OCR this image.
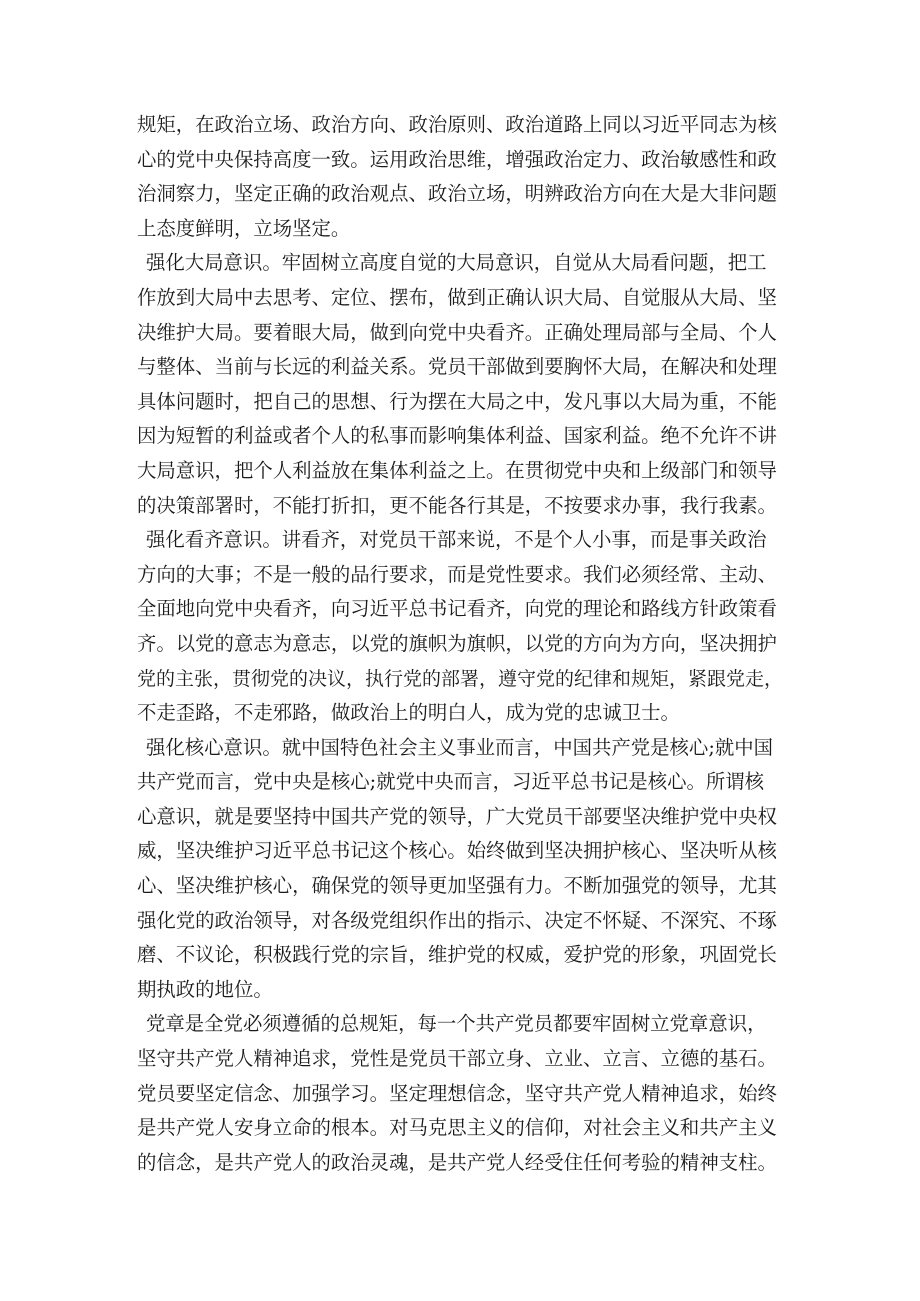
规矩，在政治立场、政治方向、政治原则、政治道路上同以习近平同志为核
心的党中央保持高度一致。运用政治思维，增强政治定力、政治敏感性和政
治洞察力，坚定正确的政治观点、政治立场，明辨政治方向在大是大非问题
上态度鲜明，立场坚定。
强化大局意识。牢固树立高度自觉的大局意识，自觉从大局看问题，把工
作放到大局中去思考、定位、摆布，做到正确认识大局、自觉服从大局、坚
决维护大局。要着眼大局，做到向党中央看齐。正确处理局部与全局、个人
与整体、当前与长远的利益关系。党员干部做到要胸怀大局，在解决和处理
具体问题时，把自己的思想、行为摆在大局之中，发凡事以大局为重，不能
因为短暂的利益或者个人的私事而影响集体利益、国家利益。绝不允许不讲
大局意识，把个人利益放在集体利益之上。在贯彻党中央和上级部门和领导
的决策部署时，不能打折扣，更不能各行其是，不按要求办事，我行我素。
强化看齐意识。讲看齐，对党员干部来说，不是个人小事，而是事关政治
方向的大事；不是一般的品行要求，而是党性要求。我们必须经常、主动、
全面地向党中央看齐，向习近平总书记看齐，向党的理论和路线方针政策看
齐。以党的意志为意志，以党的旗帜为旗帜，以党的方向为方向，坚决拥护
党的主张，贯彻党的决议，执行党的部署，遵守党的纪律和规矩，紧跟党走，
不走歪路，不走邪路，做政治上的明白人，成为党的忠诚卫士。
强化核心意识。就中国特色社会主义事业而言，中国共产党是核心;就中国
共产党而言，党中央是核心;就党中央而言，习近平总书记是核心。所谓核
心意识，就是要坚持中国共产党的领导，广大党员干部要坚决维护党中央权
威，坚决维护习近平总书记这个核心。始终做到坚决拥护核心、坚决听从核
心、坚决维护核心，确保党的领导更加坚强有力。不断加强党的领导，尤其
强化党的政治领导，对各级党组织作出的指示、决定不怀疑、不深究、不琢
磨、不议论，积极践行党的宗旨，维护党的权威，爱护党的形象，巩固党长
期执政的地位。
党章是全党必须遵循的总规矩，每一个共产党员都要牢固树立党章意识，
坚守共产党人精神追求，党性是党员干部立身、立业、立言、立德的基石。
党员要坚定信念、加强学习。坚定理想信念，坚守共产党人精神追求，始终
是共产党人安身立命的根本。对马克思主义的信仰，对社会主义和共产主义
的信念，是共产党人的政治灵魂，是共产党人经受住任何考验的精神支柱。
